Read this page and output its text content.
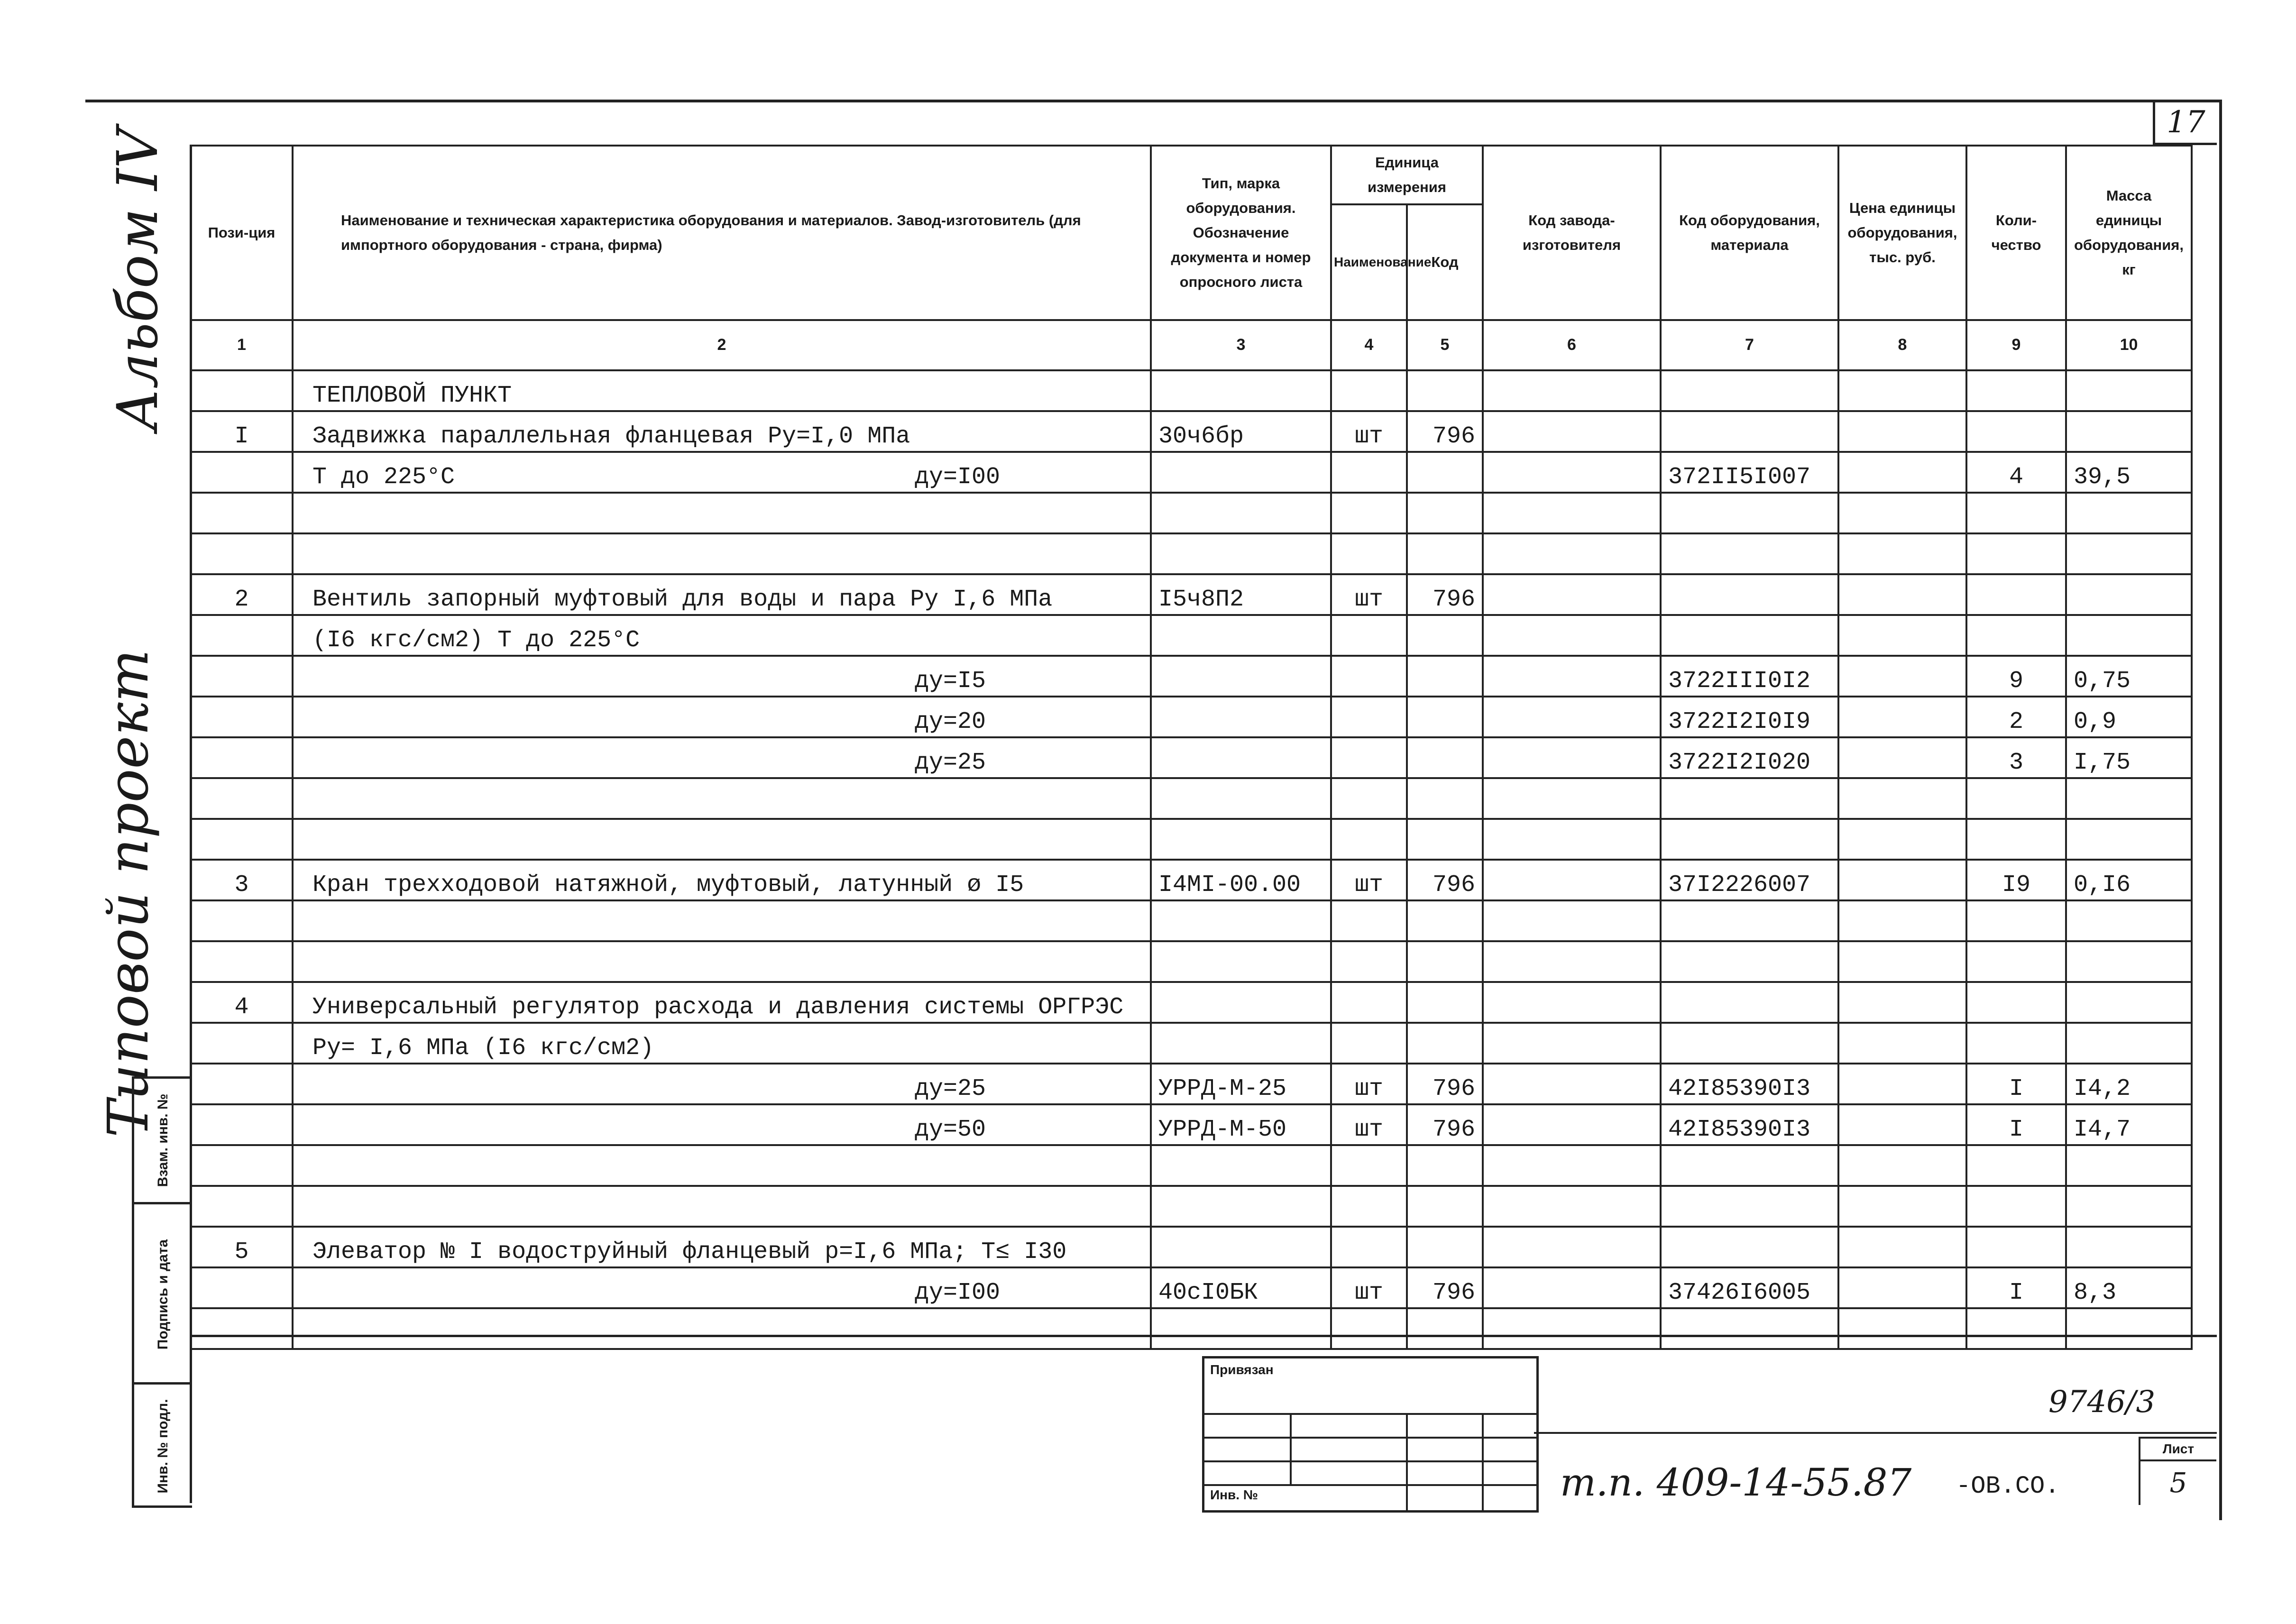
17
Альбом IV
Типовой проект
Взам. инв. №
Подпись и дата
Инв. № подл.
Пози-ция	Наименование и техническая характеристика оборудования и материалов. Завод-изготовитель (для импортного оборудования - страна, фирма)	Тип, марка оборудования. Обозначение документа и номер опросного листа	Единица измерения		Код завода-изготовителя	Код оборудования, материала	Цена единицы оборудования, тыс. руб.	Коли-чество	Масса единицы оборудования, кг
			Наименование	Код					
1	2	3	4	5	6	7	8	9	10
	ТЕПЛОВОЙ ПУНКТ

I	Задвижка параллельная фланцевая Ру=I,0 МПа	30ч6бр	шт	796					
	Т до 225°С ду=I00					372II5I007		4	39,5

2	Вентиль запорный муфтовый для воды и пара Ру I,6 МПа	I5ч8П2	шт	796					
	(I6 кгс/см2) Т до 225°С

	ду=I5					3722III0I2		9	0,75

	ду=20					3722I2I0I9		2	0,9

	ду=25					3722I2I020		3	I,75

3	Кран трехходовой натяжной, муфтовый, латунный ø I5	I4МI-00.00	шт	796		37I2226007		I9	0,I6

4	Универсальный регулятор расхода и давления системы ОРГРЭС

	Ру= I,6 МПа (I6 кгс/см2)

	ду=25	УРРД-М-25	шт	796		42I85390I3		I	I4,2

	ду=50	УРРД-М-50	шт	796		42I85390I3		I	I4,7

5	Элеватор № I водоструйный фланцевый р=I,6 МПа; Т≤ I30

	ду=I00	40сI0БК	шт	796		37426I6005		I	8,3

Привязан
Инв. №
9746/3
т.п. 409-14-55.87 -ОВ.СО.
Лист
5
